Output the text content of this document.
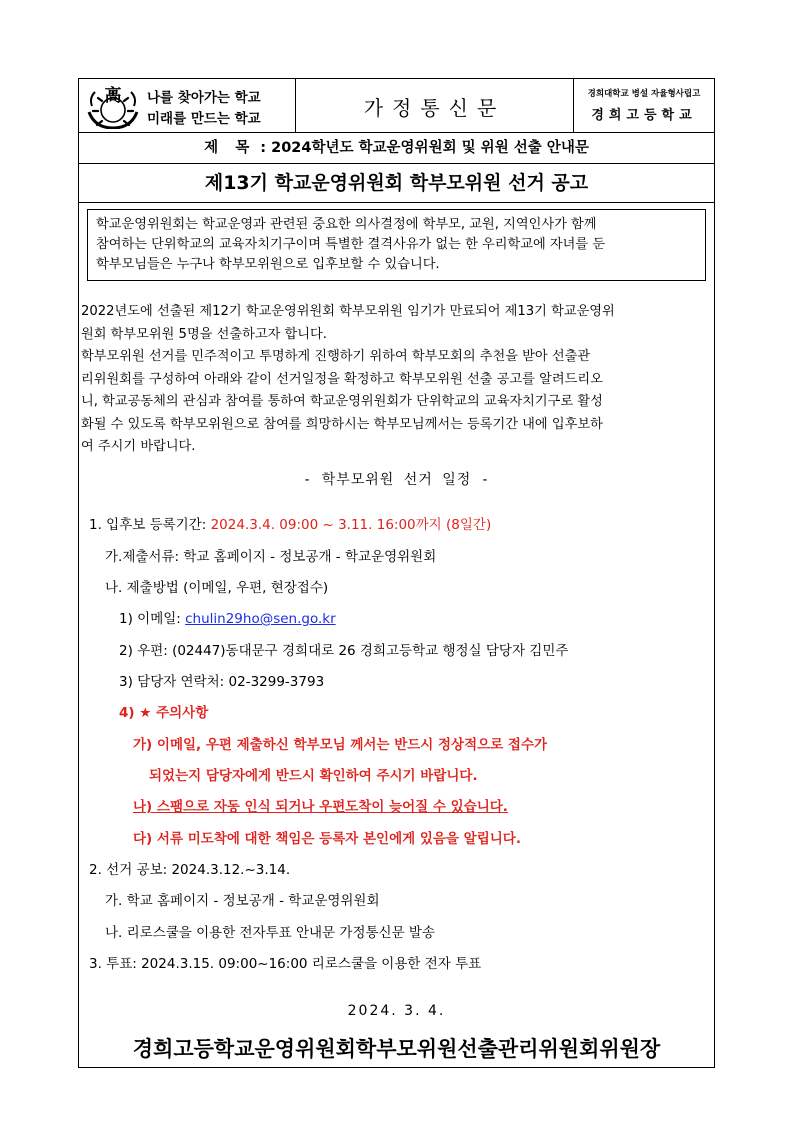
高 나를 찾아가는 학교
미래를 만드는 학교	가정통신문
경희대학교 병설 자율형사립고
경희고등학교
제 목 : 2024학년도 학교운영위원회 및 위원 선출 안내문
제13기 학교운영위원회 학부모위원 선거 공고

학교운영위원회는 학교운영과 관련된 중요한 의사결정에 학부모, 교원, 지역인사가 함께

참여하는 단위학교의 교육자치기구이며 특별한 결격사유가 없는 한 우리학교에 자녀를 둔

학부모님들은 누구나 학부모위원으로 입후보할 수 있습니다.

2022년도에 선출된 제12기 학교운영위원회 학부모위원 임기가 만료되어 제13기 학교운영위

원회 학부모위원 5명을 선출하고자 합니다.

학부모위원 선거를 민주적이고 투명하게 진행하기 위하여 학부모회의 추천을 받아 선출관

리위원회를 구성하여 아래와 같이 선거일정을 확정하고 학부모위원 선출 공고를 알려드리오

니, 학교공동체의 관심과 참여를 통하여 학교운영위원회가 단위학교의 교육자치기구로 활성

화될 수 있도록 학부모위원으로 참여를 희망하시는 학부모님께서는 등록기간 내에 입후보하

여 주시기 바랍니다.

- 학부모위원 선거 일정 -
1. 입후보 등록기간: 2024.3.4. 09:00 ~ 3.11. 16:00까지 (8일간)
가.제출서류: 학교 홈페이지 - 정보공개 - 학교운영위원회
나. 제출방법 (이메일, 우편, 현장접수)
1) 이메일: chulin29ho@sen.go.kr
2) 우편: (02447)동대문구 경희대로 26 경희고등학교 행정실 담당자 김민주
3) 담당자 연락처: 02-3299-3793
4) ★ 주의사항
가) 이메일, 우편 제출하신 학부모님 께서는 반드시 정상적으로 접수가
되었는지 담당자에게 반드시 확인하여 주시기 바랍니다.
나) 스팸으로 자동 인식 되거나 우편도착이 늦어질 수 있습니다.
다) 서류 미도착에 대한 책임은 등록자 본인에게 있음을 알립니다.
2. 선거 공보: 2024.3.12.~3.14.
가. 학교 홈페이지 - 정보공개 - 학교운영위원회
나. 리로스쿨을 이용한 전자투표 안내문 가정통신문 발송
3. 투표: 2024.3.15. 09:00~16:00 리로스쿨을 이용한 전자 투표
2024. 3. 4.
경희고등학교운영위원회학부모위원선출관리위원회위원장
